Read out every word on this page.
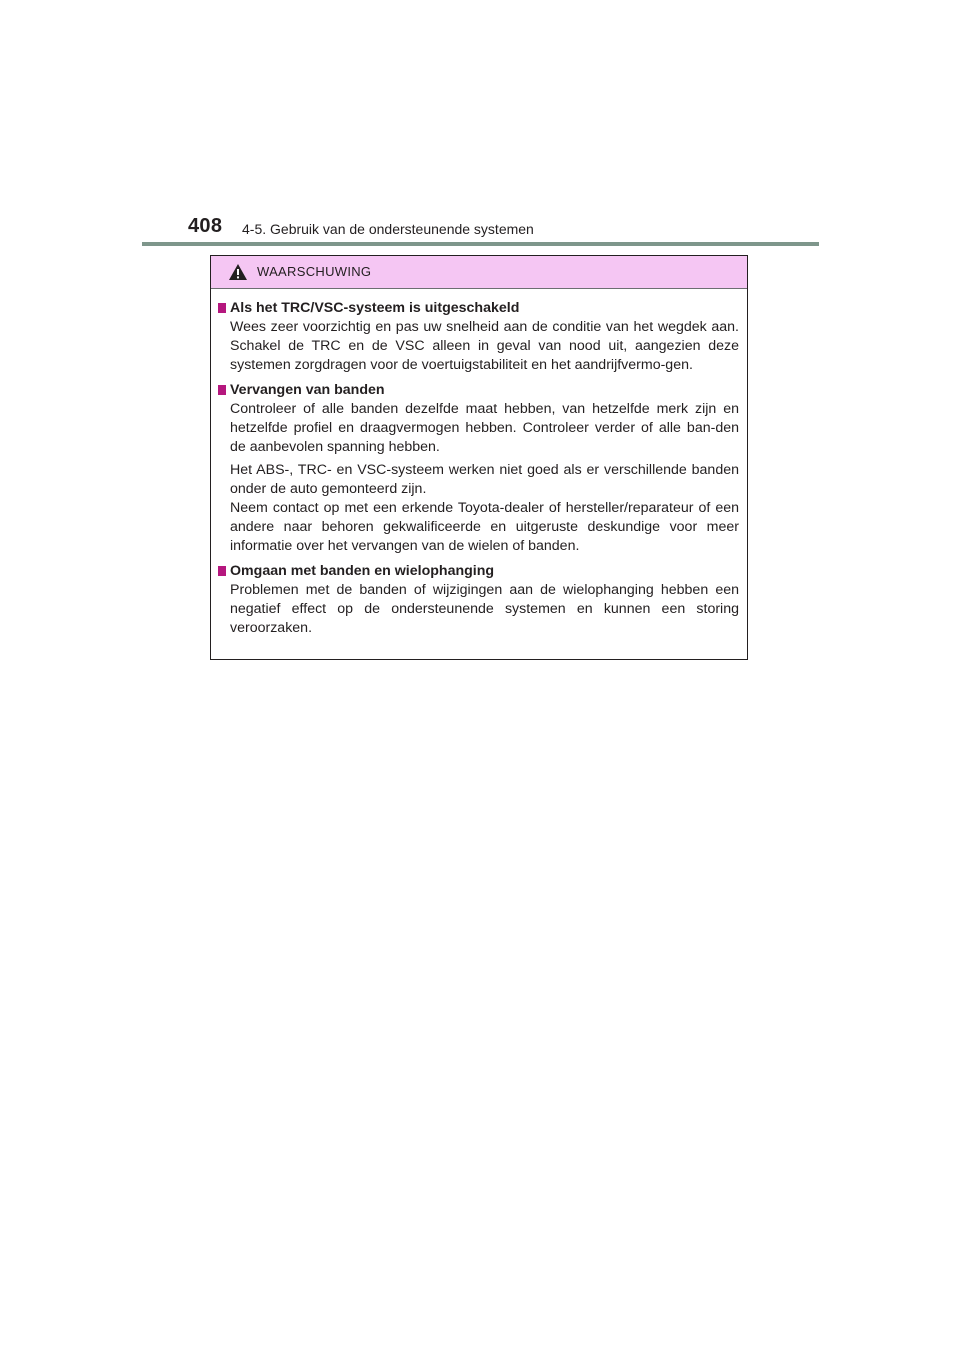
408 4-5. Gebruik van de ondersteunende systemen
WAARSCHUWING
Als het TRC/VSC-systeem is uitgeschakeld

Wees zeer voorzichtig en pas uw snelheid aan de conditie van het wegdek aan. Schakel de TRC en de VSC alleen in geval van nood uit, aangezien deze systemen zorgdragen voor de voertuigstabiliteit en het aandrijfvermo-gen.

Vervangen van banden

Controleer of alle banden dezelfde maat hebben, van hetzelfde merk zijn en hetzelfde profiel en draagvermogen hebben. Controleer verder of alle ban-den de aanbevolen spanning hebben.

Het ABS-, TRC- en VSC-systeem werken niet goed als er verschillende banden onder de auto gemonteerd zijn.

Neem contact op met een erkende Toyota-dealer of hersteller/reparateur of een andere naar behoren gekwalificeerde en uitgeruste deskundige voor meer informatie over het vervangen van de wielen of banden.

Omgaan met banden en wielophanging

Problemen met de banden of wijzigingen aan de wielophanging hebben een negatief effect op de ondersteunende systemen en kunnen een storing veroorzaken.
